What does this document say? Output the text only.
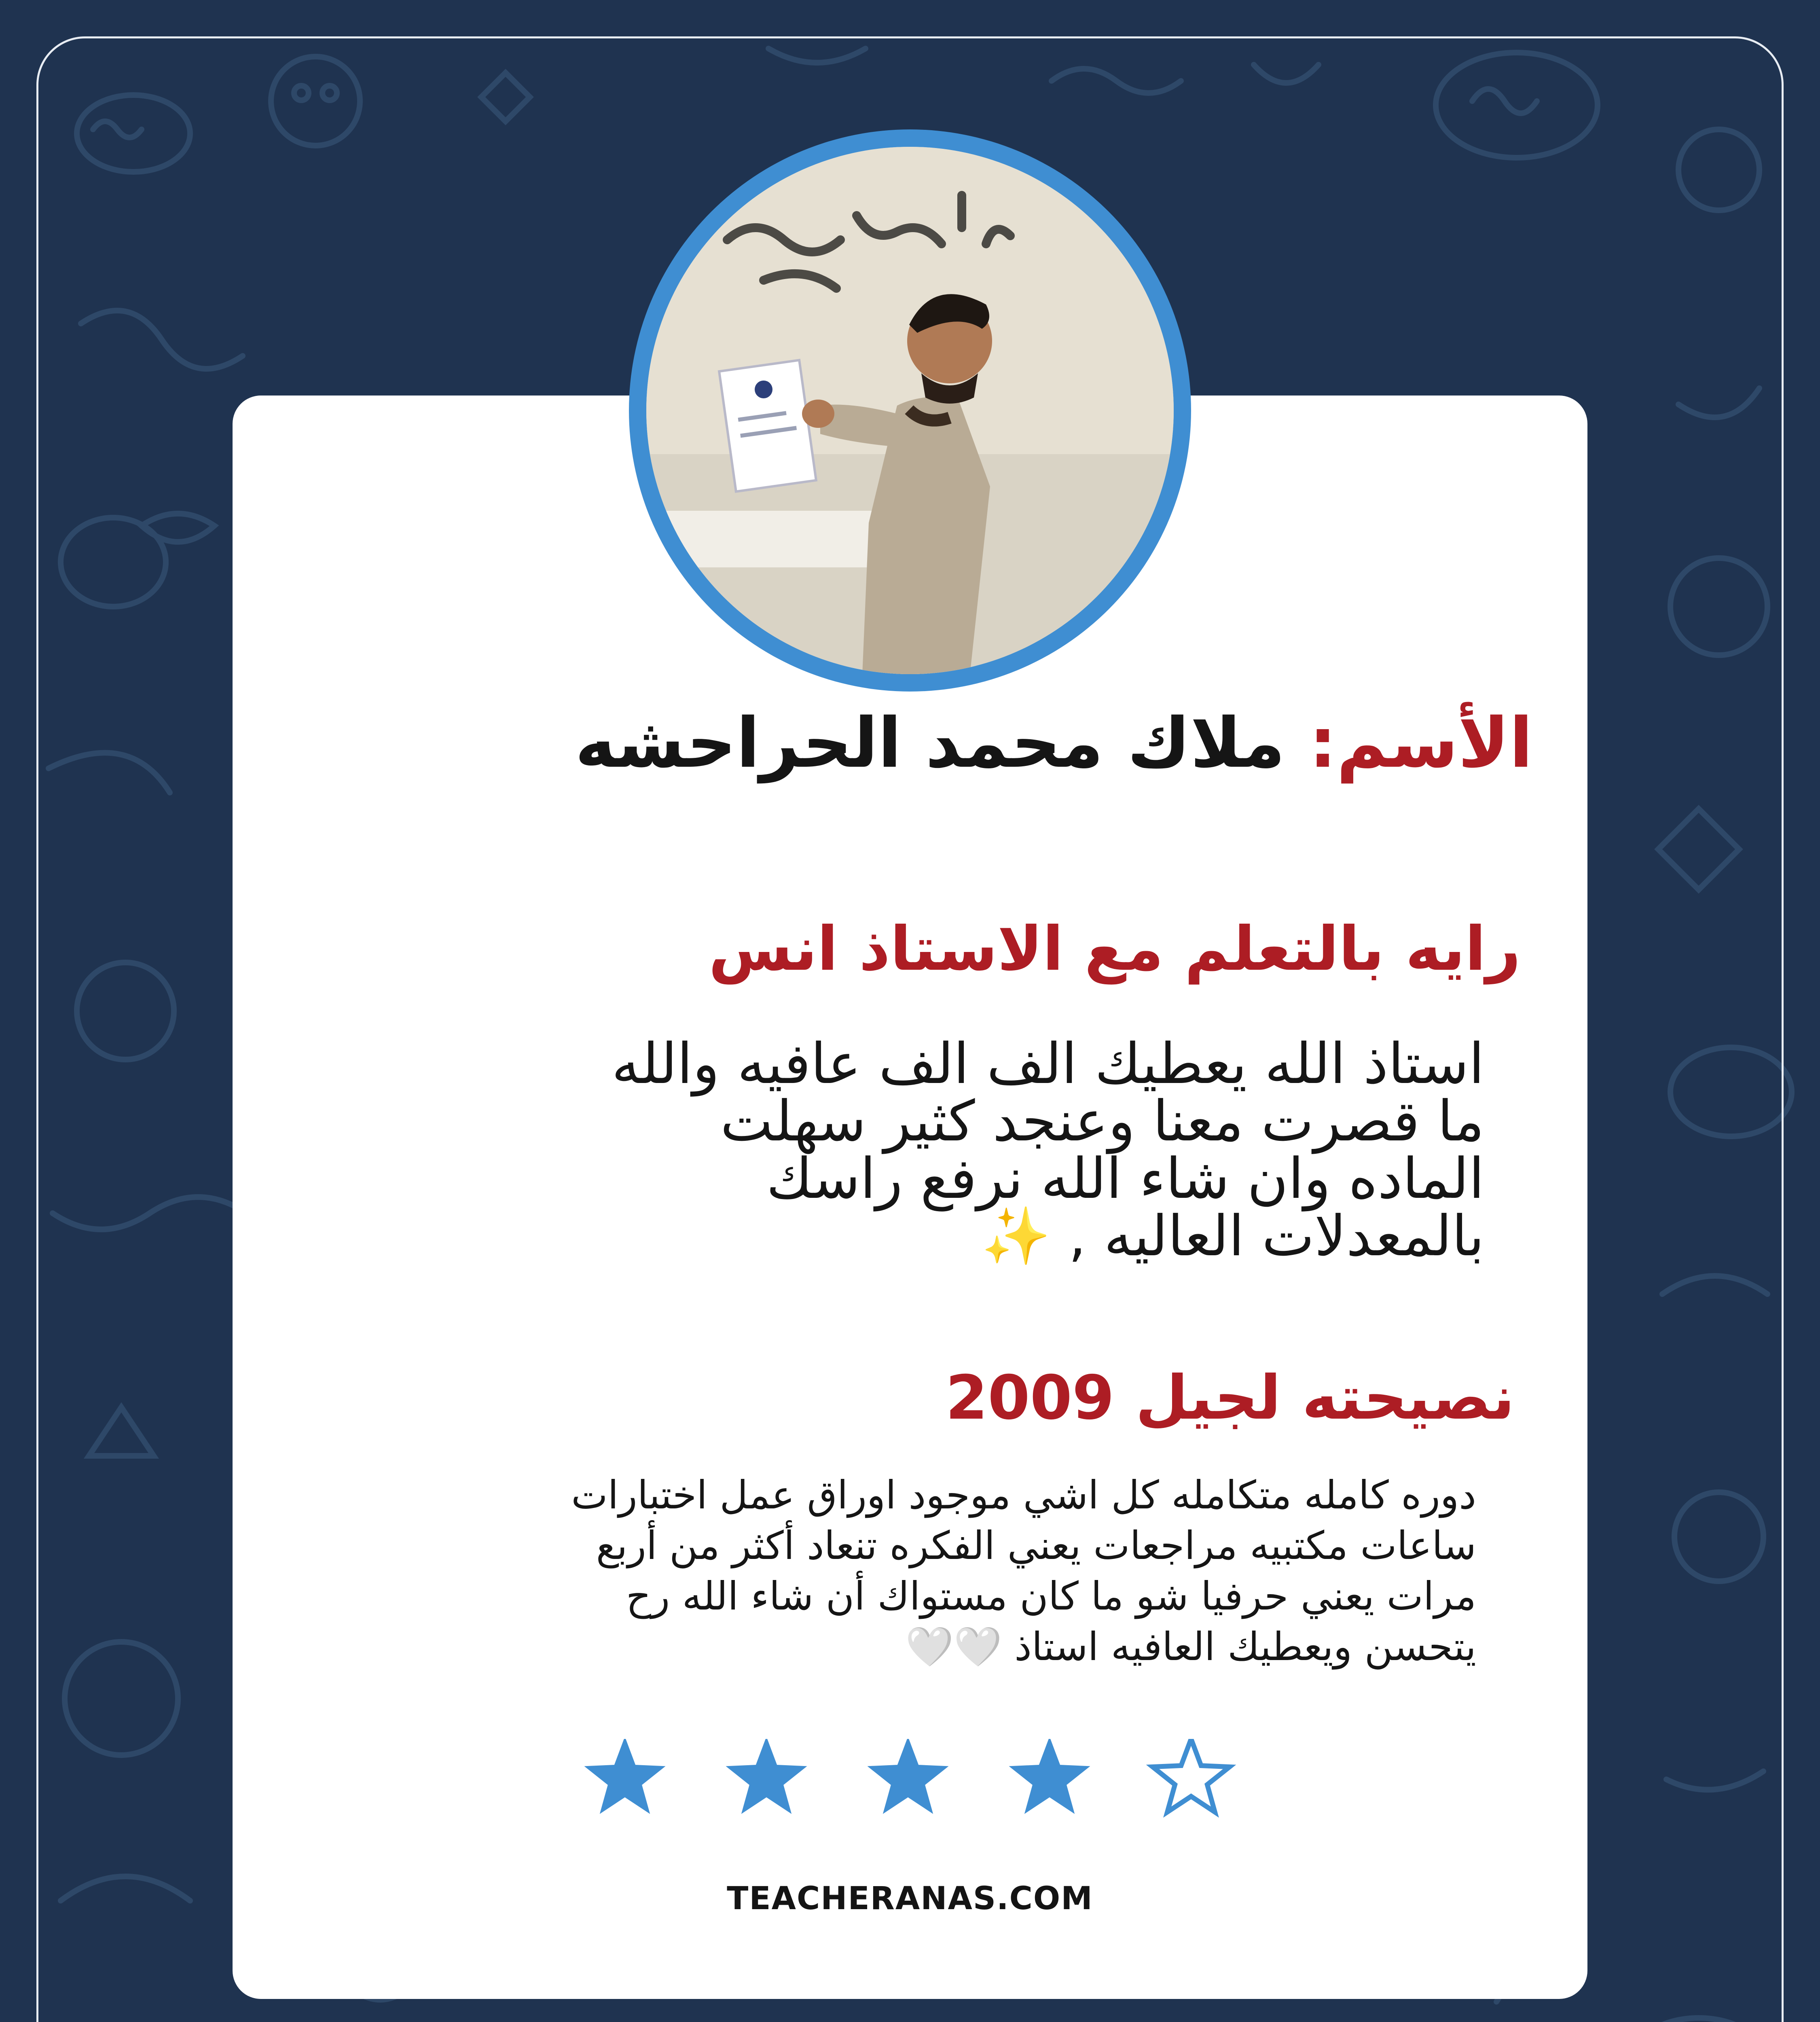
الأسم: ملاك محمد الحراحشه
رايه بالتعلم مع الاستاذ انس
استاذ الله يعطيك الف الف عافيه والله
ما قصرت معنا وعنجد كثير سهلت
الماده وان شاء الله نرفع راسك
بالمعدلات العاليه , ✨
نصيحته لجيل 2009
دوره كامله متكامله كل اشي موجود اوراق عمل اختبارات
ساعات مكتبيه مراجعات يعني الفكره تنعاد أكثر من أربع
مرات يعني حرفيا شو ما كان مستواك أن شاء الله رح
يتحسن ويعطيك العافيه استاذ 🤍🤍
TEACHERANAS.COM
